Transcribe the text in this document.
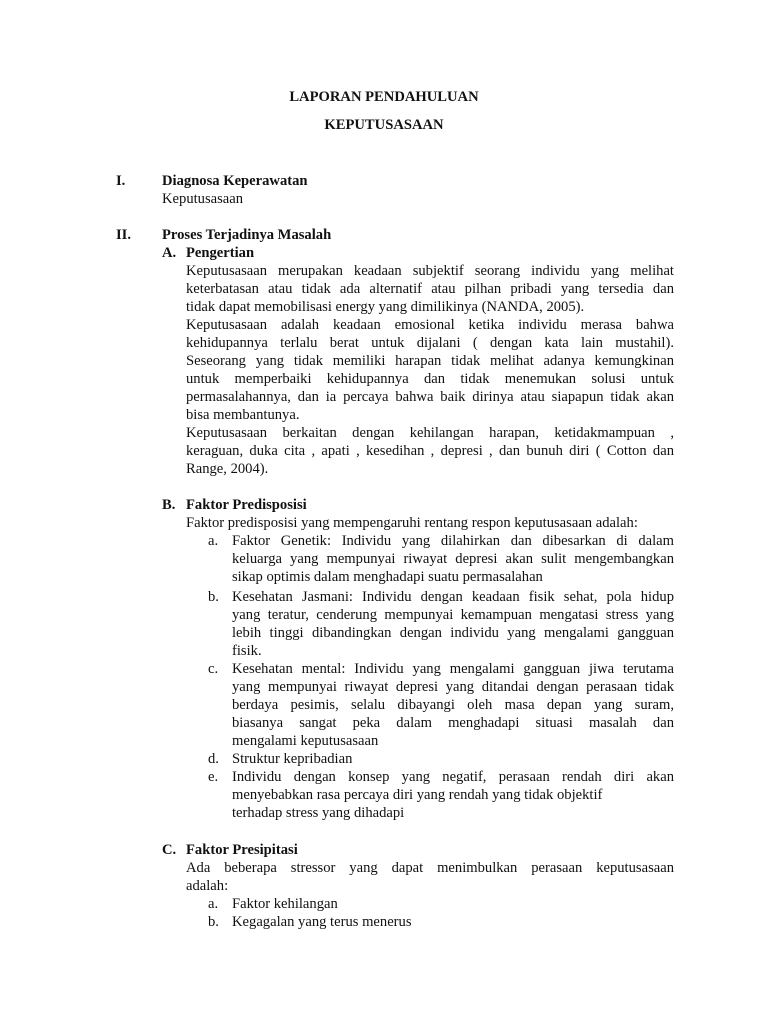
LAPORAN PENDAHULUAN
KEPUTUSASAAN
I.	Diagnosa Keperawatan
Keputusasaan
II. Proses Terjadinya Masalah
A. Pengertian
Keputusasaan merupakan keadaan subjektif seorang individu yang melihat
keterbatasan atau tidak ada alternatif atau pilhan pribadi yang tersedia dan
tidak dapat memobilisasi energy yang dimilikinya (NANDA, 2005).
Keputusasaan adalah keadaan emosional ketika individu merasa bahwa
kehidupannya terlalu berat untuk dijalani ( dengan kata lain mustahil).
Seseorang yang tidak memiliki harapan tidak melihat adanya kemungkinan
untuk memperbaiki kehidupannya dan tidak menemukan solusi untuk
permasalahannya, dan ia percaya bahwa baik dirinya atau siapapun tidak akan
bisa membantunya.
Keputusasaan berkaitan dengan kehilangan harapan, ketidakmampuan ,
keraguan, duka cita , apati , kesedihan , depresi , dan bunuh diri ( Cotton dan
Range, 2004).
B. Faktor Predisposisi
Faktor predisposisi yang mempengaruhi rentang respon keputusasaan adalah:
a. Faktor Genetik: Individu yang dilahirkan dan dibesarkan di dalam
keluarga yang mempunyai riwayat depresi akan sulit mengembangkan
sikap optimis dalam menghadapi suatu permasalahan
b. Kesehatan Jasmani: Individu dengan keadaan fisik sehat, pola hidup
yang teratur, cenderung mempunyai kemampuan mengatasi stress yang
lebih tinggi dibandingkan dengan individu yang mengalami gangguan
fisik.
c. Kesehatan mental: Individu yang mengalami gangguan jiwa terutama
yang mempunyai riwayat depresi yang ditandai dengan perasaan tidak
berdaya pesimis, selalu dibayangi oleh masa depan yang suram,
biasanya sangat peka dalam menghadapi situasi masalah dan
mengalami keputusasaan
d. Struktur kepribadian
e. Individu dengan konsep yang negatif, perasaan rendah diri akan
menyebabkan rasa percaya diri yang rendah yang tidak objektif
terhadap stress yang dihadapi
C. Faktor Presipitasi
Ada beberapa stressor yang dapat menimbulkan perasaan keputusasaan
adalah:
a. Faktor kehilangan
b. Kegagalan yang terus menerus
